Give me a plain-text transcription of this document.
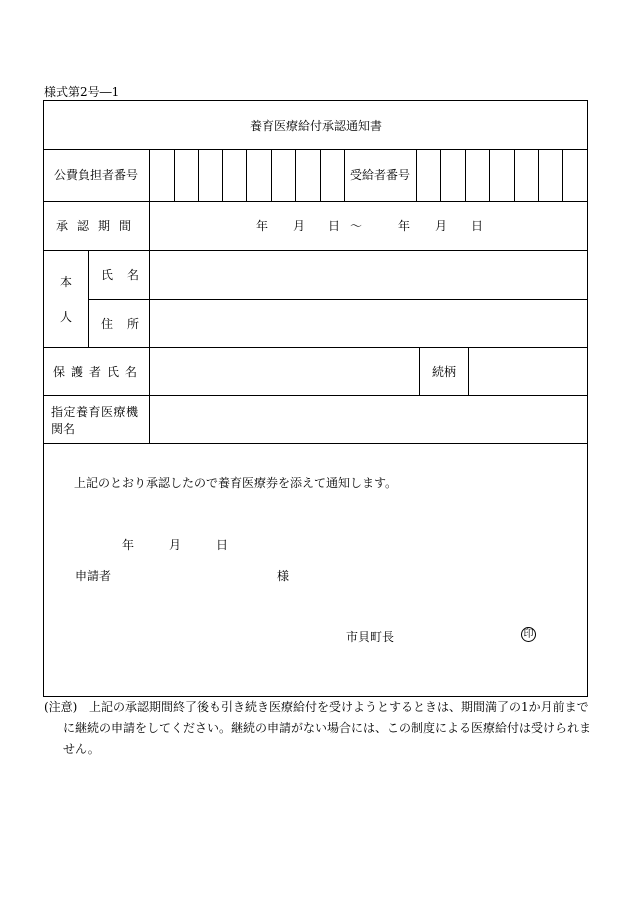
様式第2号―1
養育医療給付承認通知書
公費負担者番号	受給者番号
承認期間	年 月 日 ～	年 月 日
本
人
氏名
住所
保護者氏名	続柄
指定養育医療機
関名
上記のとおり承認したので養育医療券を添えて通知します。
年	月	日
申請者	様
市貝町長	印
(注意) 上記の承認期間終了後も引き続き医療給付を受けようとするときは、期間満了の1か月前まで
に継続の申請をしてください。継続の申請がない場合には、この制度による医療給付は受けられま
せん。
